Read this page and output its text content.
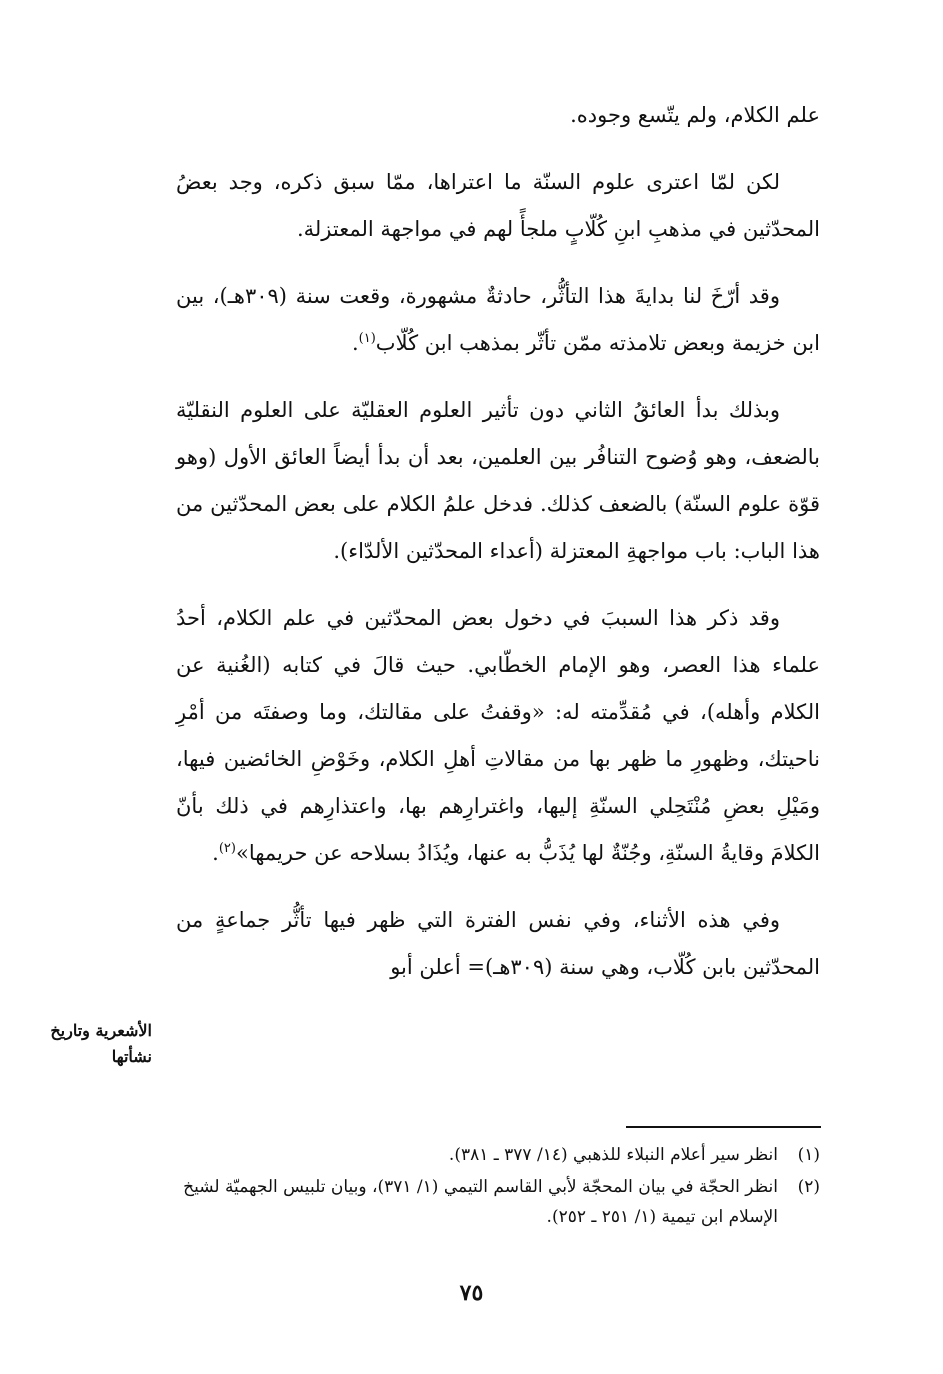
علم الكلام، ولم يتّسع وجوده.

لكن لمّا اعترى علوم السنّة ما اعتراها، ممّا سبق ذكره، وجد بعضُ المحدّثين في مذهبِ ابنِ كُلّابٍ ملجأً لهم في مواجهة المعتزلة.

وقد أرّخَ لنا بدايةَ هذا التأثُّر، حادثةٌ مشهورة، وقعت سنة (٣٠٩هـ)، بين ابن خزيمة وبعض تلامذته ممّن تأثّر بمذهب ابن كُلّاب$^{(١)}$.

وبذلك بدأ العائقُ الثاني دون تأثير العلوم العقليّة على العلوم النقليّة بالضعف، وهو وُضوح التنافُر بين العلمين، بعد أن بدأ أيضاً العائق الأول (وهو قوّة علوم السنّة) بالضعف كذلك. فدخل علمُ الكلام على بعض المحدّثين من هذا الباب: باب مواجهةِ المعتزلة (أعداء المحدّثين الألدّاء).

وقد ذكر هذا السببَ في دخول بعض المحدّثين في علم الكلام، أحدُ علماء هذا العصر، وهو الإمام الخطّابي. حيث قالَ في كتابه (الغُنية عن الكلام وأهله)، في مُقدِّمته له: «وقفتُ على مقالتك، وما وصفتَه من أمْرِ ناحيتك، وظهورِ ما ظهر بها من مقالاتِ أهلِ الكلام، وخَوْضِ الخائضين فيها، ومَيْلِ بعضِ مُنْتَحِلي السنّةِ إليها، واغترارِهم بها، واعتذارِهم في ذلك بأنّ الكلامَ وقايةُ السنّةِ، وجُنّةٌ لها يُذَبُّ به عنها، ويُذَادُ بسلاحه عن حريمها»$^{(٢)}$.

وفي هذه الأثناء، وفي نفس الفترة التي ظهر فيها تأثُّر جماعةٍ من المحدّثين بابن كُلّاب، وهي سنة (٣٠٩هـ)= أعلن أبو

الأشعرية وتاريخ
نشأتها

(١)انظر سير أعلام النبلاء للذهبي (١٤/ ٣٧٧ ـ ٣٨١).

(٢)انظر الحجّة في بيان المحجّة لأبي القاسم التيمي (١/ ٣٧١)، وبيان تلبيس الجهميّة لشيخ الإسلام ابن تيمية (١/ ٢٥١ ـ ٢٥٢).

٧٥
